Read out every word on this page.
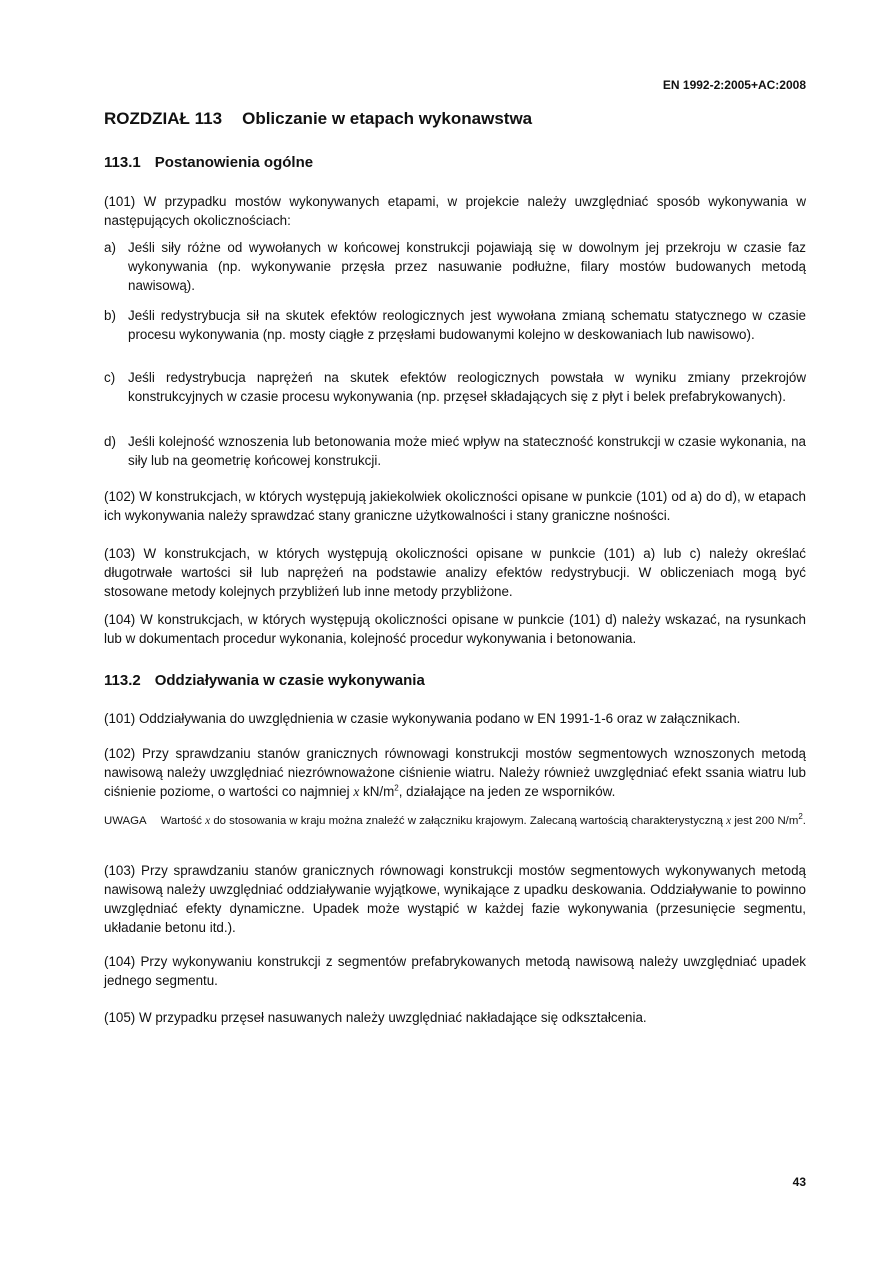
EN 1992-2:2005+AC:2008
ROZDZIAŁ 113 Obliczanie w etapach wykonawstwa
113.1 Postanowienia ogólne
(101) W przypadku mostów wykonywanych etapami, w projekcie należy uwzględniać sposób wykonywania w następujących okolicznościach:
a) Jeśli siły różne od wywołanych w końcowej konstrukcji pojawiają się w dowolnym jej przekroju w czasie faz wykonywania (np. wykonywanie przęsła przez nasuwanie podłużne, filary mostów budowanych metodą nawisową).
b) Jeśli redystrybucja sił na skutek efektów reologicznych jest wywołana zmianą schematu statycznego w czasie procesu wykonywania (np. mosty ciągłe z przęsłami budowanymi kolejno w deskowaniach lub nawisowo).
c) Jeśli redystrybucja naprężeń na skutek efektów reologicznych powstała w wyniku zmiany przekrojów konstrukcyjnych w czasie procesu wykonywania (np. przęseł składających się z płyt i belek prefabrykowanych).
d) Jeśli kolejność wznoszenia lub betonowania może mieć wpływ na stateczność konstrukcji w czasie wykonania, na siły lub na geometrię końcowej konstrukcji.
(102) W konstrukcjach, w których występują jakiekolwiek okoliczności opisane w punkcie (101) od a) do d), w etapach ich wykonywania należy sprawdzać stany graniczne użytkowalności i stany graniczne nośności.
(103) W konstrukcjach, w których występują okoliczności opisane w punkcie (101) a) lub c) należy określać długotrwałe wartości sił lub naprężeń na podstawie analizy efektów redystrybucji. W obliczeniach mogą być stosowane metody kolejnych przybliżeń lub inne metody przybliżone.
(104) W konstrukcjach, w których występują okoliczności opisane w punkcie (101) d) należy wskazać, na rysunkach lub w dokumentach procedur wykonania, kolejność procedur wykonywania i betonowania.
113.2 Oddziaływania w czasie wykonywania
(101) Oddziaływania do uwzględnienia w czasie wykonywania podano w EN 1991-1-6 oraz w załącznikach.
(102) Przy sprawdzaniu stanów granicznych równowagi konstrukcji mostów segmentowych wznoszonych metodą nawisową należy uwzględniać niezrównoważone ciśnienie wiatru. Należy również uwzględniać efekt ssania wiatru lub ciśnienie poziome, o wartości co najmniej x $kN/m^2$, działające na jeden ze wsporników.
UWAGA Wartość x do stosowania w kraju można znaleźć w załączniku krajowym. Zalecaną wartością charakterystyczną x jest 200 $N/m^2$.
(103) Przy sprawdzaniu stanów granicznych równowagi konstrukcji mostów segmentowych wykonywanych metodą nawisową należy uwzględniać oddziaływanie wyjątkowe, wynikające z upadku deskowania. Oddziaływanie to powinno uwzględniać efekty dynamiczne. Upadek może wystąpić w każdej fazie wykonywania (przesunięcie segmentu, układanie betonu itd.).
(104) Przy wykonywaniu konstrukcji z segmentów prefabrykowanych metodą nawisową należy uwzględniać upadek jednego segmentu.
(105) W przypadku przęseł nasuwanych należy uwzględniać nakładające się odkształcenia.
43
